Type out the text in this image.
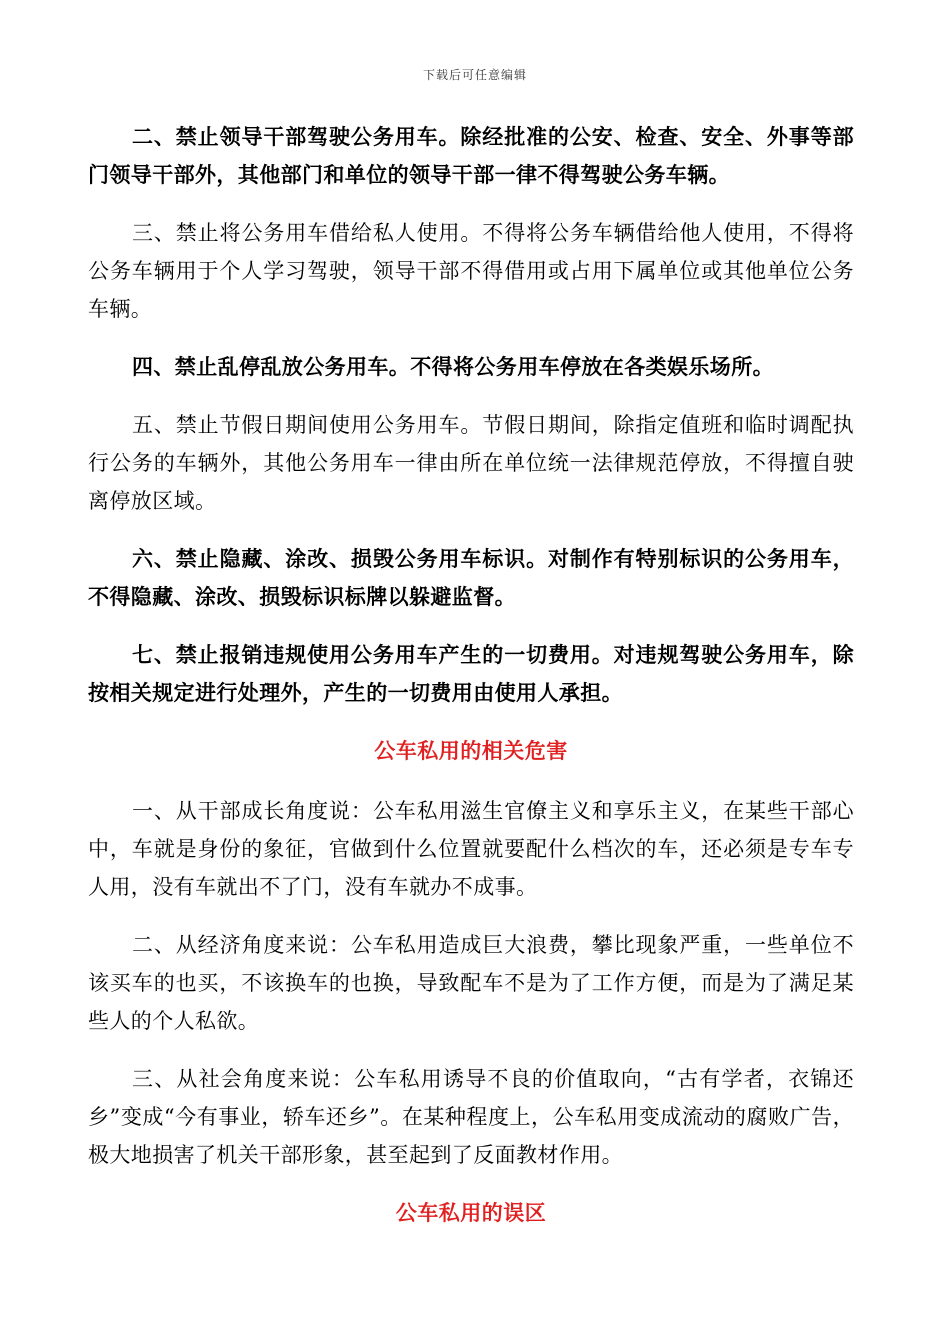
下载后可任意编辑

二、禁止领导干部驾驶公务用车。除经批准的公安、检查、安全、外事等部门领导干部外，其他部门和单位的领导干部一律不得驾驶公务车辆。

三、禁止将公务用车借给私人使用。不得将公务车辆借给他人使用，不得将公务车辆用于个人学习驾驶，领导干部不得借用或占用下属单位或其他单位公务车辆。

四、禁止乱停乱放公务用车。不得将公务用车停放在各类娱乐场所。

五、禁止节假日期间使用公务用车。节假日期间，除指定值班和临时调配执行公务的车辆外，其他公务用车一律由所在单位统一法律规范停放，不得擅自驶离停放区域。

六、禁止隐藏、涂改、损毁公务用车标识。对制作有特别标识的公务用车，不得隐藏、涂改、损毁标识标牌以躲避监督。

七、禁止报销违规使用公务用车产生的一切费用。对违规驾驶公务用车，除按相关规定进行处理外，产生的一切费用由使用人承担。

公车私用的相关危害

一、从干部成长角度说：公车私用滋生官僚主义和享乐主义，在某些干部心中，车就是身份的象征，官做到什么位置就要配什么档次的车，还必须是专车专人用，没有车就出不了门，没有车就办不成事。

二、从经济角度来说：公车私用造成巨大浪费，攀比现象严重，一些单位不该买车的也买，不该换车的也换，导致配车不是为了工作方便，而是为了满足某些人的个人私欲。

三、从社会角度来说：公车私用诱导不良的价值取向，“古有学者，衣锦还乡”变成“今有事业，轿车还乡”。在某种程度上，公车私用变成流动的腐败广告，极大地损害了机关干部形象，甚至起到了反面教材作用。

公车私用的误区
